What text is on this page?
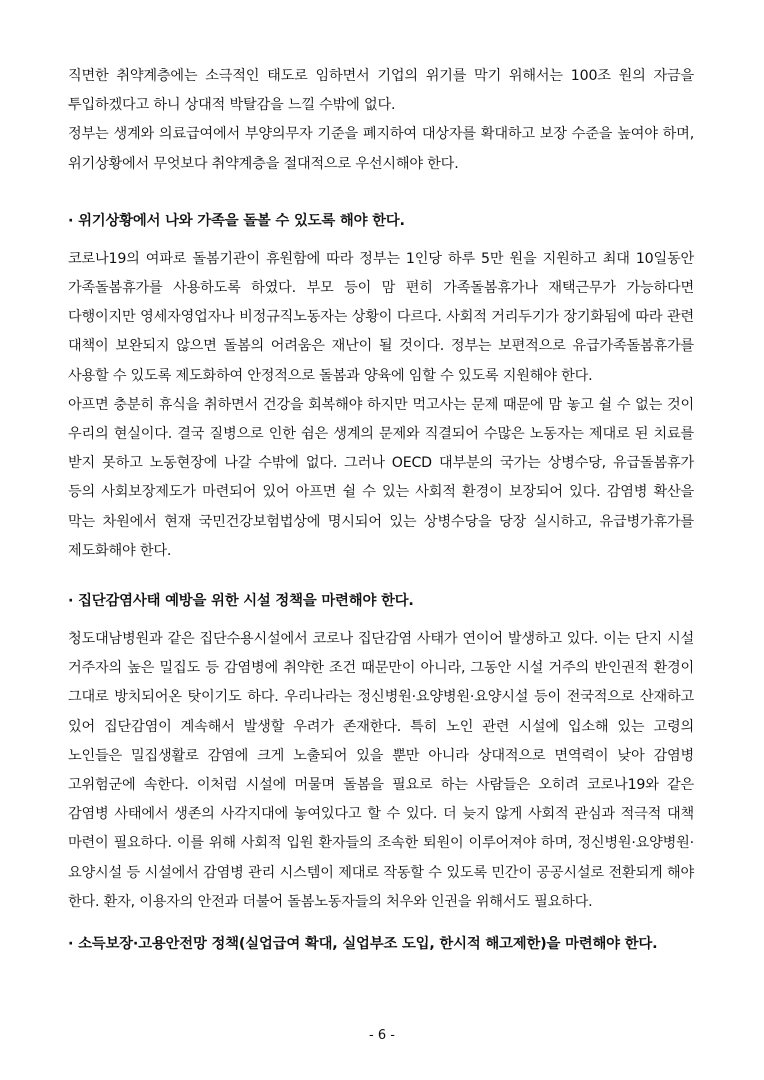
직면한 취약계층에는 소극적인 태도로 임하면서 기업의 위기를 막기 위해서는 100조 원의 자금을 투입하겠다고 하니 상대적 박탈감을 느낄 수밖에 없다.

정부는 생계와 의료급여에서 부양의무자 기준을 폐지하여 대상자를 확대하고 보장 수준을 높여야 하며, 위기상황에서 무엇보다 취약계층을 절대적으로 우선시해야 한다.

· 위기상황에서 나와 가족을 돌볼 수 있도록 해야 한다.

코로나19의 여파로 돌봄기관이 휴원함에 따라 정부는 1인당 하루 5만 원을 지원하고 최대 10일동안 가족돌봄휴가를 사용하도록 하였다. 부모 등이 맘 편히 가족돌봄휴가나 재택근무가 가능하다면 다행이지만 영세자영업자나 비정규직노동자는 상황이 다르다. 사회적 거리두기가 장기화됨에 따라 관련 대책이 보완되지 않으면 돌봄의 어려움은 재난이 될 것이다. 정부는 보편적으로 유급가족돌봄휴가를 사용할 수 있도록 제도화하여 안정적으로 돌봄과 양육에 임할 수 있도록 지원해야 한다.

아프면 충분히 휴식을 취하면서 건강을 회복해야 하지만 먹고사는 문제 때문에 맘 놓고 쉴 수 없는 것이 우리의 현실이다. 결국 질병으로 인한 쉼은 생계의 문제와 직결되어 수많은 노동자는 제대로 된 치료를 받지 못하고 노동현장에 나갈 수밖에 없다. 그러나 OECD 대부분의 국가는 상병수당, 유급돌봄휴가 등의 사회보장제도가 마련되어 있어 아프면 쉴 수 있는 사회적 환경이 보장되어 있다. 감염병 확산을 막는 차원에서 현재 국민건강보험법상에 명시되어 있는 상병수당을 당장 실시하고, 유급병가휴가를 제도화해야 한다.

· 집단감염사태 예방을 위한 시설 정책을 마련해야 한다.

청도대남병원과 같은 집단수용시설에서 코로나 집단감염 사태가 연이어 발생하고 있다. 이는 단지 시설 거주자의 높은 밀집도 등 감염병에 취약한 조건 때문만이 아니라, 그동안 시설 거주의 반인권적 환경이 그대로 방치되어온 탓이기도 하다. 우리나라는 정신병원·요양병원·요양시설 등이 전국적으로 산재하고 있어 집단감염이 계속해서 발생할 우려가 존재한다. 특히 노인 관련 시설에 입소해 있는 고령의 노인들은 밀집생활로 감염에 크게 노출되어 있을 뿐만 아니라 상대적으로 면역력이 낮아 감염병 고위험군에 속한다. 이처럼 시설에 머물며 돌봄을 필요로 하는 사람들은 오히려 코로나19와 같은 감염병 사태에서 생존의 사각지대에 놓여있다고 할 수 있다. 더 늦지 않게 사회적 관심과 적극적 대책 마련이 필요하다. 이를 위해 사회적 입원 환자들의 조속한 퇴원이 이루어져야 하며, 정신병원·요양병원·요양시설 등 시설에서 감염병 관리 시스템이 제대로 작동할 수 있도록 민간이 공공시설로 전환되게 해야 한다. 환자, 이용자의 안전과 더불어 돌봄노동자들의 처우와 인권을 위해서도 필요하다.

· 소득보장·고용안전망 정책(실업급여 확대, 실업부조 도입, 한시적 해고제한)을 마련해야 한다.
- 6 -
